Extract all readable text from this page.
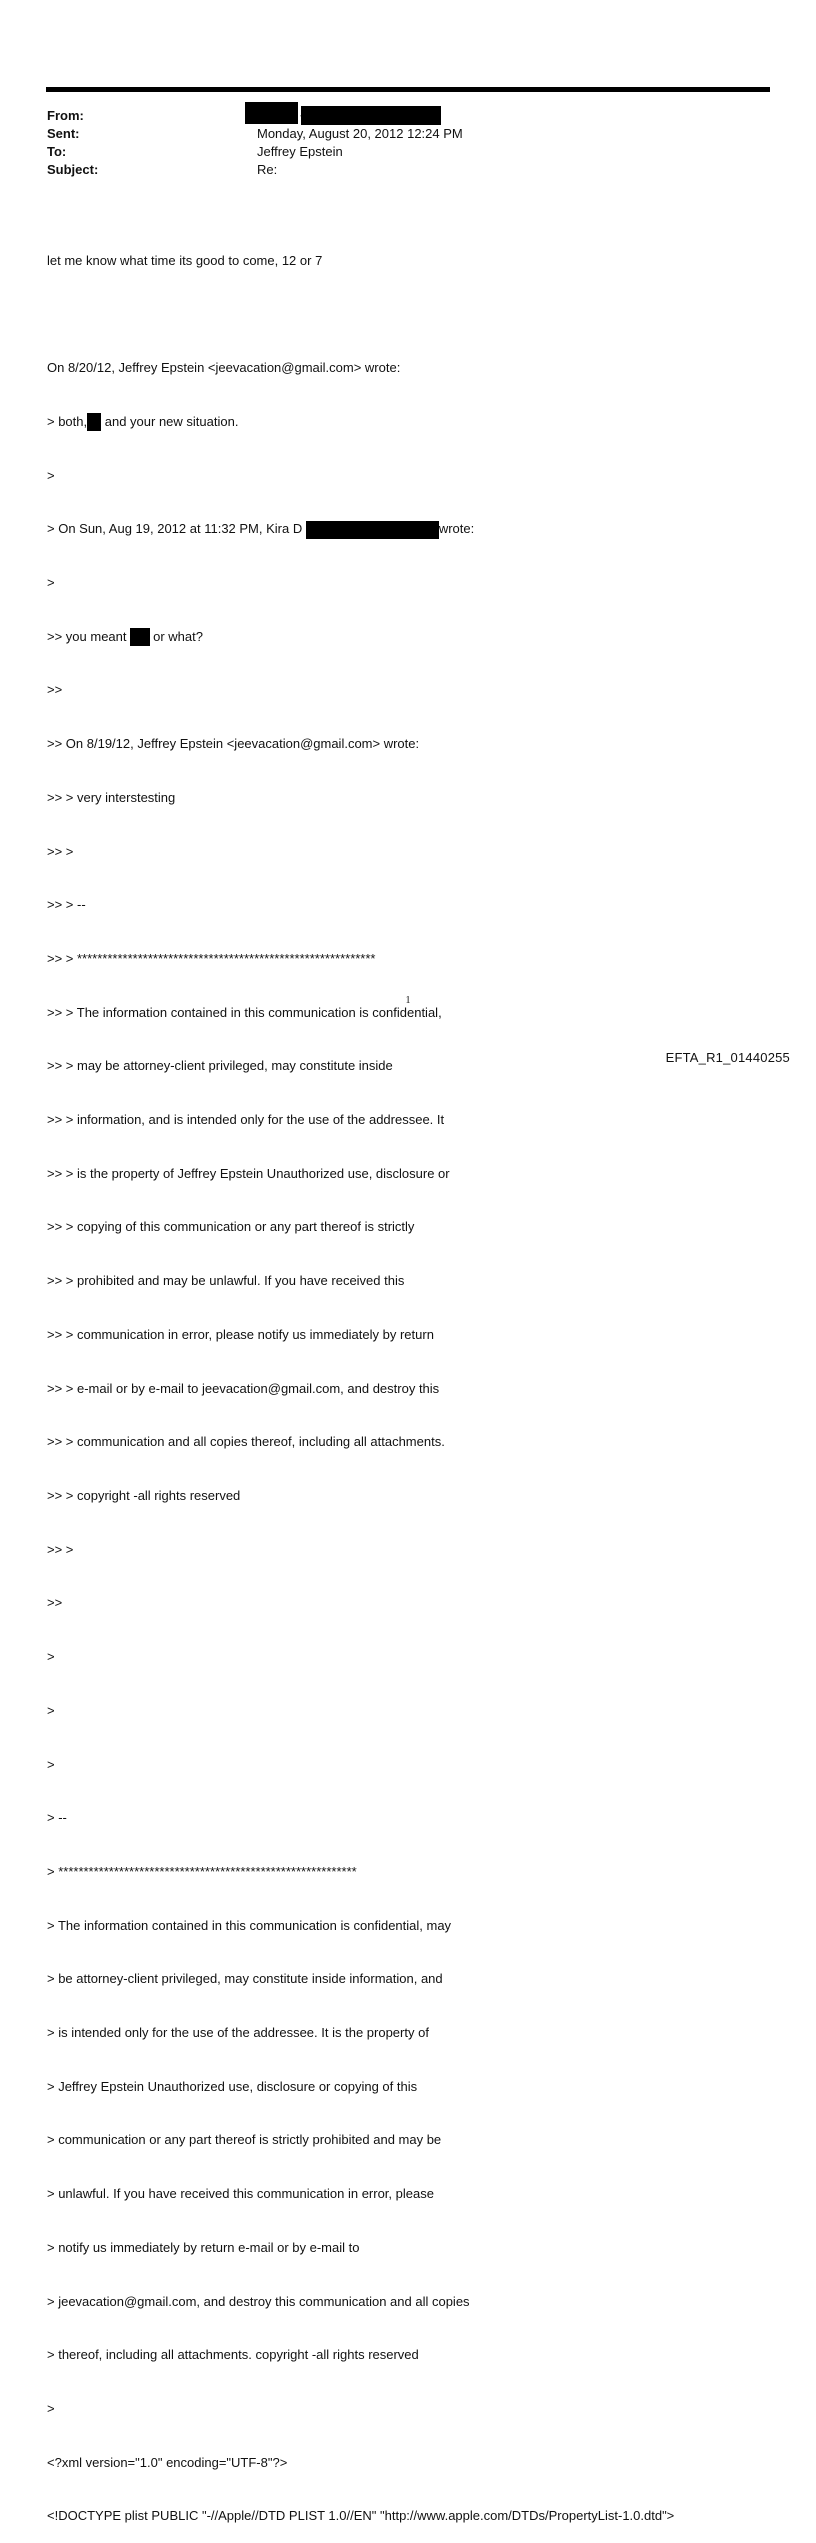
From:
Sent:	Monday, August 20, 2012 12:24 PM
To:	Jeffrey Epstein
Subject:	Re:

let me know what time its good to come, 12 or 7

On 8/20/12, Jeffrey Epstein <jeevacation@gmail.com> wrote:

> both, and your new situation.

>

> On Sun, Aug 19, 2012 at 11:32 PM, Kira D	wrote:

>

>> you meant or what?

>>

>> On 8/19/12, Jeffrey Epstein <jeevacation@gmail.com> wrote:

>> > very interstesting

>> >

>> > --

>> > ***********************************************************

>> > The information contained in this communication is confidential,

>> > may be attorney-client privileged, may constitute inside

>> > information, and is intended only for the use of the addressee. It

>> > is the property of Jeffrey Epstein Unauthorized use, disclosure or

>> > copying of this communication or any part thereof is strictly

>> > prohibited and may be unlawful. If you have received this

>> > communication in error, please notify us immediately by return

>> > e-mail or by e-mail to jeevacation@gmail.com, and destroy this

>> > communication and all copies thereof, including all attachments.

>> > copyright -all rights reserved

>> >

>>

>

>

>

> --

> ***********************************************************

> The information contained in this communication is confidential, may

> be attorney-client privileged, may constitute inside information, and

> is intended only for the use of the addressee. It is the property of

> Jeffrey Epstein Unauthorized use, disclosure or copying of this

> communication or any part thereof is strictly prohibited and may be

> unlawful. If you have received this communication in error, please

> notify us immediately by return e-mail or by e-mail to

> jeevacation@gmail.com, and destroy this communication and all copies

> thereof, including all attachments. copyright -all rights reserved

>

<?xml version="1.0" encoding="UTF-8"?>

<!DOCTYPE plist PUBLIC "-//Apple//DTD PLIST 1.0//EN" "http://www.apple.com/DTDs/PropertyList-1.0.dtd">

1
EFTA_R1_01440255
